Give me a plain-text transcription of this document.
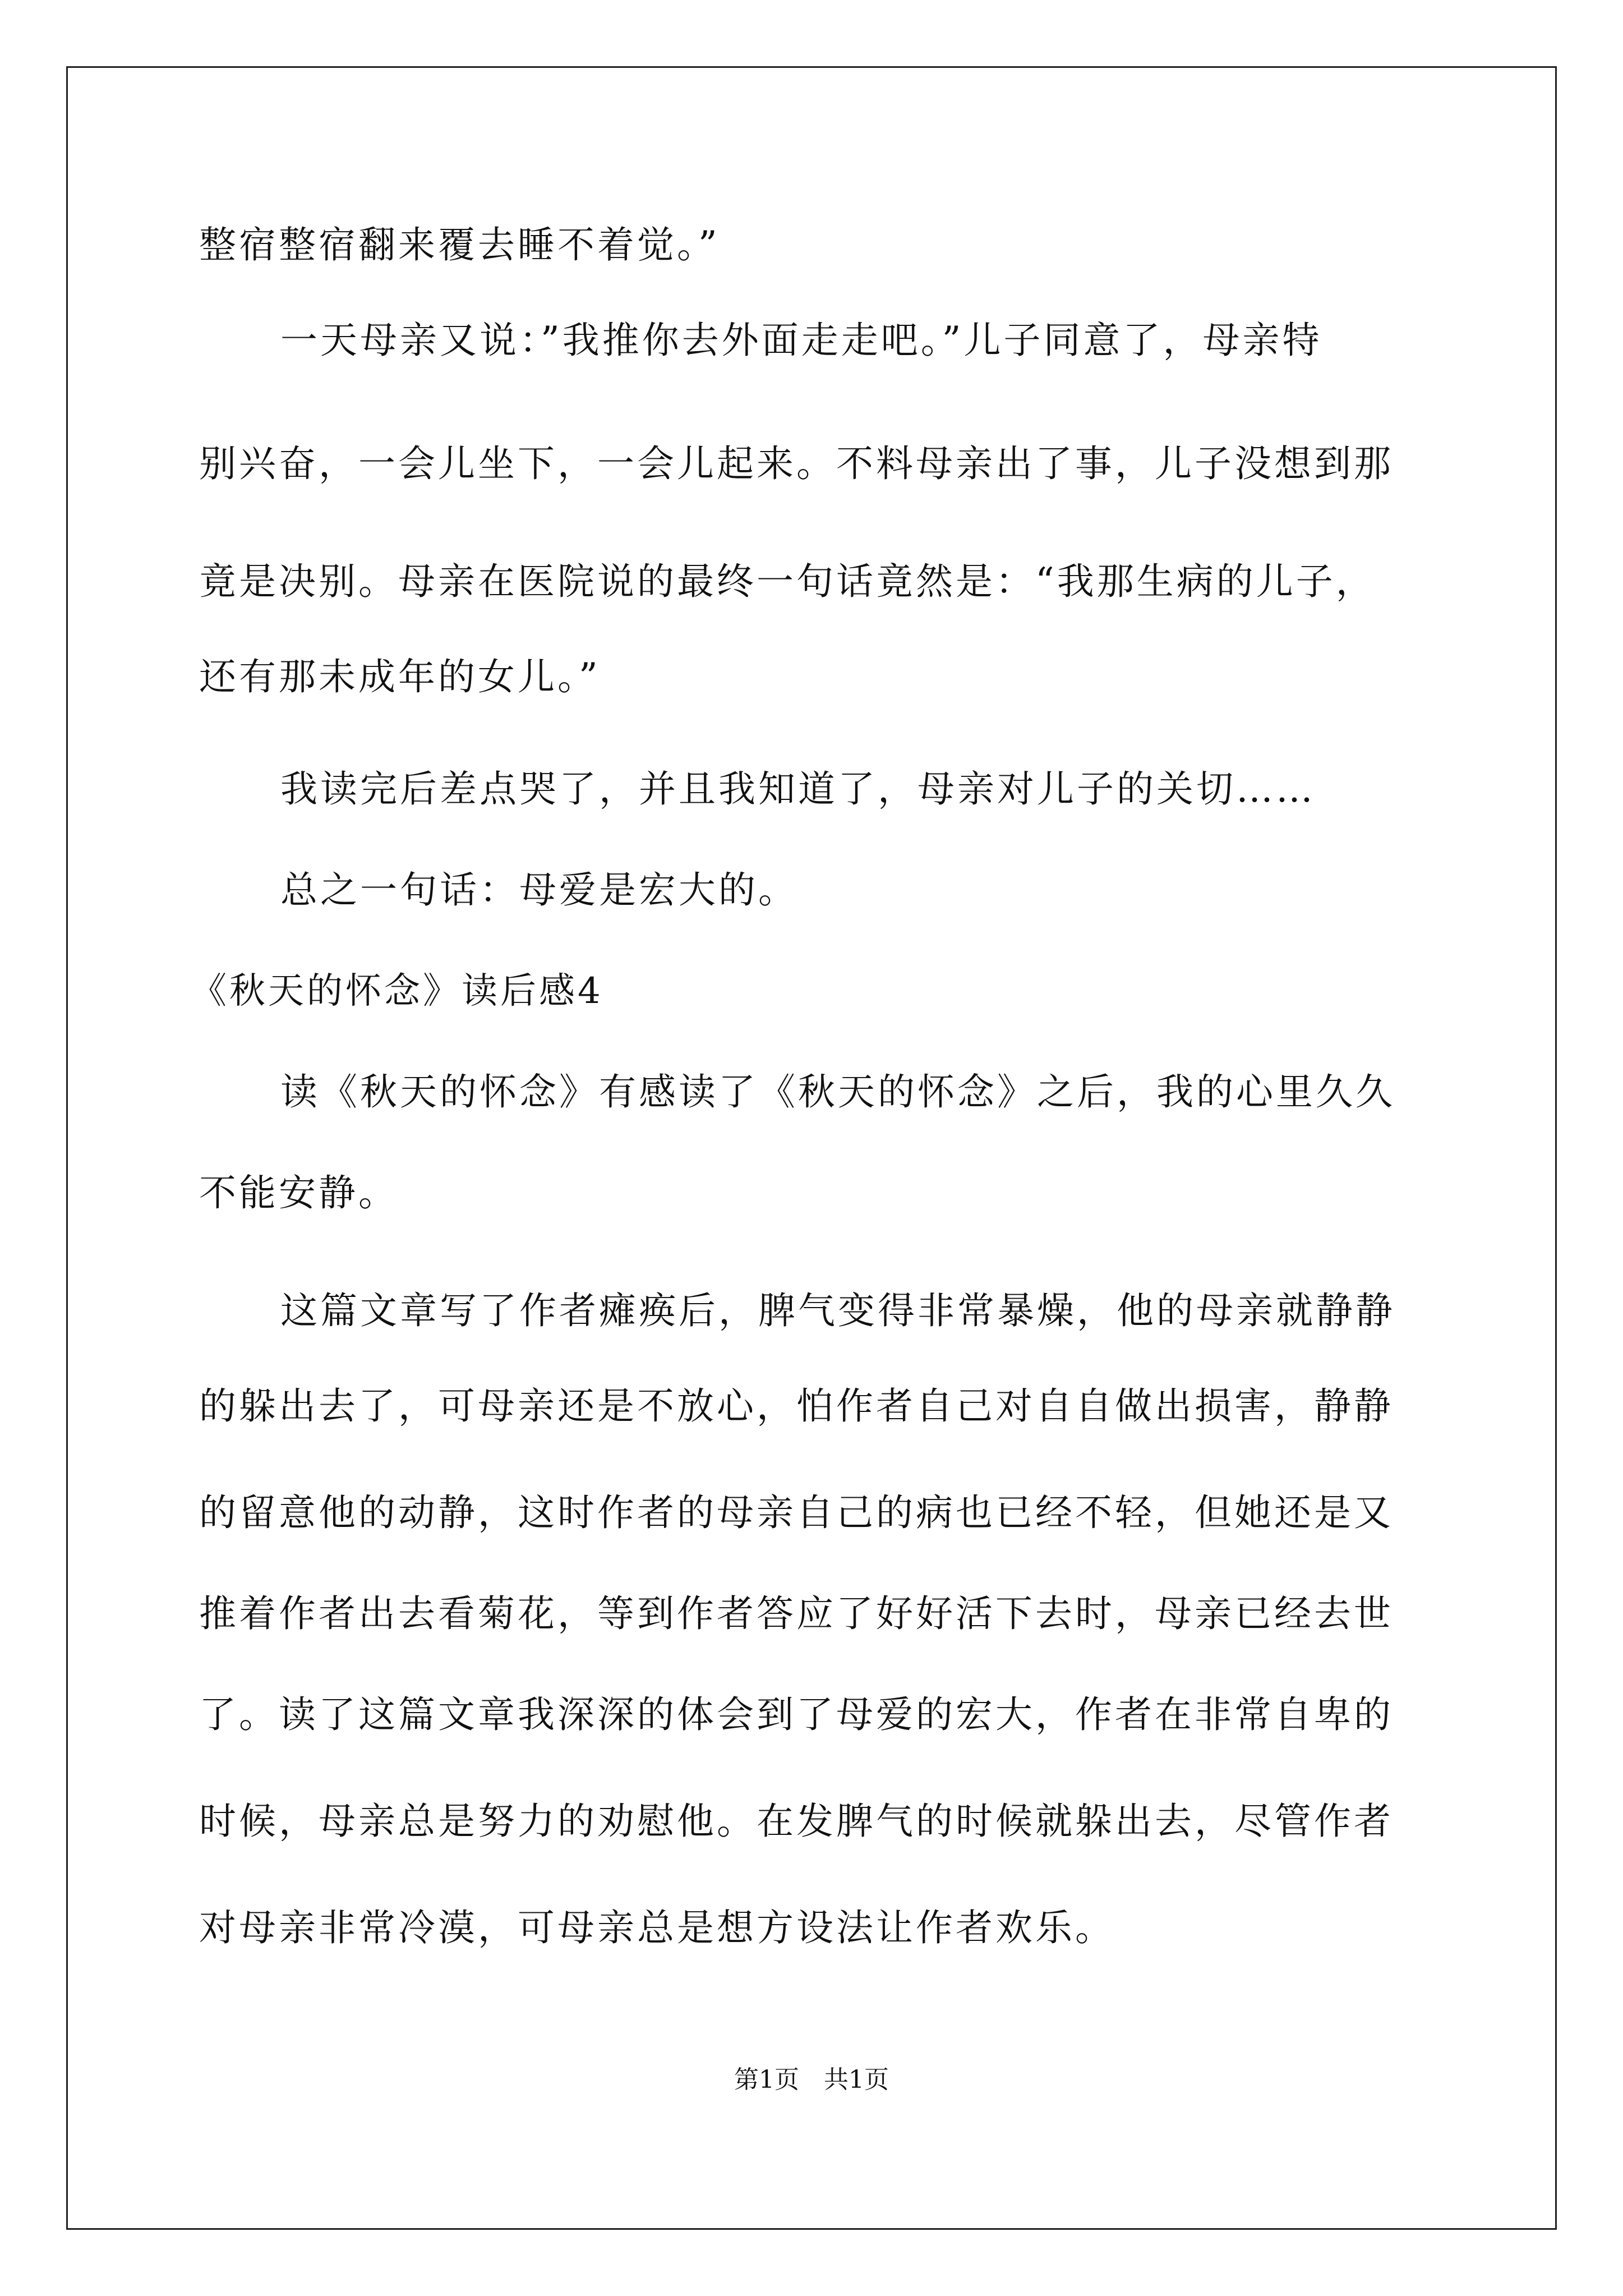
整宿整宿翻来覆去睡不着觉。”
一天母亲又说：”我推你去外面走走吧。”儿子同意了，母亲特
别兴奋，一会儿坐下，一会儿起来。不料母亲出了事，儿子没想到那
竟是决别。母亲在医院说的最终一句话竟然是：“我那生病的儿子，
还有那未成年的女儿。”
我读完后差点哭了，并且我知道了，母亲对儿子的关切……
总之一句话：母爱是宏大的。
《秋天的怀念》读后感4
读《秋天的怀念》有感读了《秋天的怀念》之后，我的心里久久
不能安静。
这篇文章写了作者瘫痪后，脾气变得非常暴燥，他的母亲就静静
的躲出去了，可母亲还是不放心，怕作者自己对自自做出损害，静静
的留意他的动静，这时作者的母亲自己的病也已经不轻，但她还是又
推着作者出去看菊花，等到作者答应了好好活下去时，母亲已经去世
了。读了这篇文章我深深的体会到了母爱的宏大，作者在非常自卑的
时候，母亲总是努力的劝慰他。在发脾气的时候就躲出去，尽管作者
对母亲非常冷漠，可母亲总是想方设法让作者欢乐。
第1页　共1页
